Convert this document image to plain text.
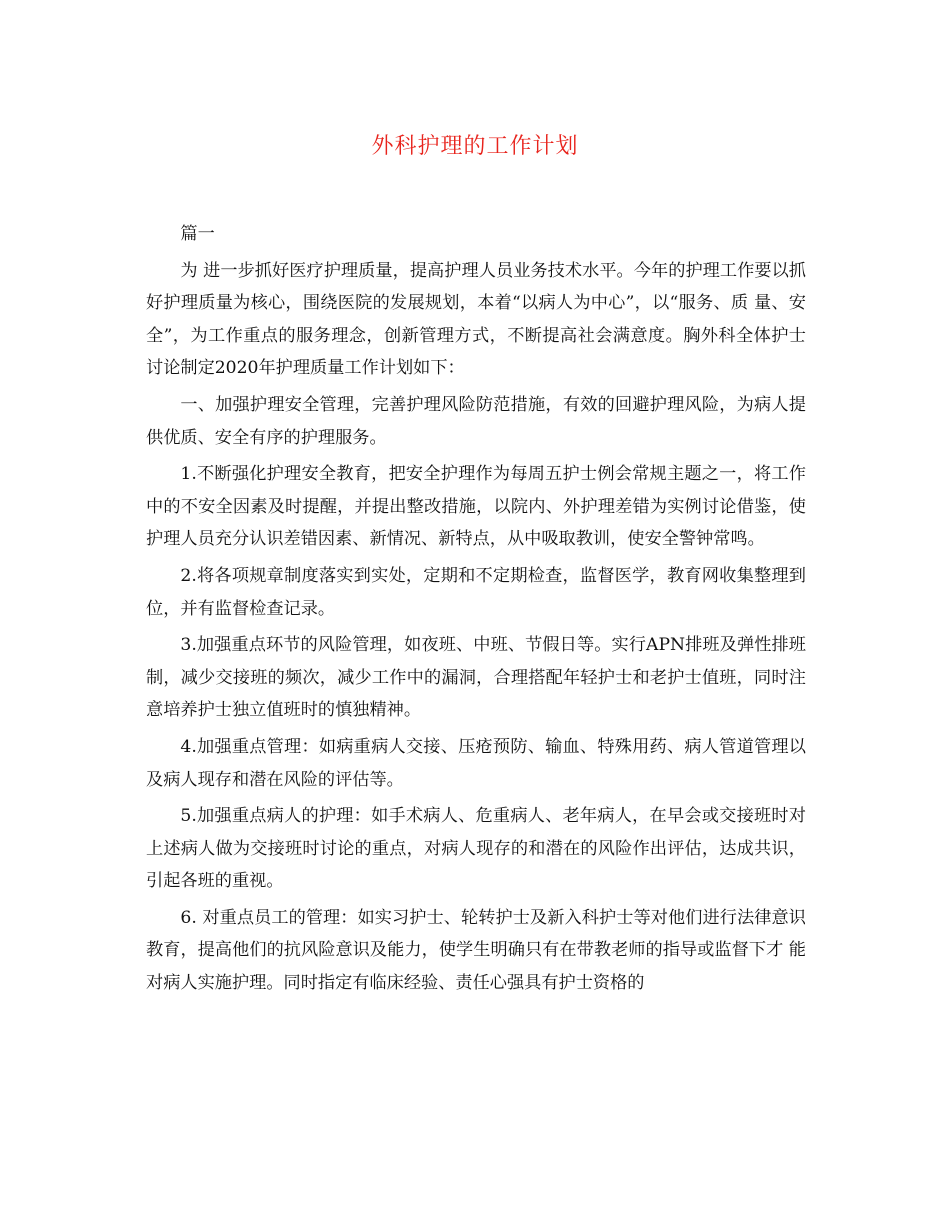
外科护理的工作计划

篇一

为 进一步抓好医疗护理质量，提高护理人员业务技术水平。今年的护理工作要以抓好护理质量为核心，围绕医院的发展规划，本着“以病人为中心”，以“服务、质 量、安全”，为工作重点的服务理念，创新管理方式，不断提高社会满意度。胸外科全体护士讨论制定2020年护理质量工作计划如下：

一、加强护理安全管理，完善护理风险防范措施，有效的回避护理风险，为病人提供优质、安全有序的护理服务。

1.不断强化护理安全教育，把安全护理作为每周五护士例会常规主题之一，将工作中的不安全因素及时提醒，并提出整改措施，以院内、外护理差错为实例讨论借鉴，使护理人员充分认识差错因素、新情况、新特点，从中吸取教训，使安全警钟常鸣。

2.将各项规章制度落实到实处，定期和不定期检查，监督医学，教育网收集整理到位，并有监督检查记录。

3.加强重点环节的风险管理，如夜班、中班、节假日等。实行APN排班及弹性排班制，减少交接班的频次，减少工作中的漏洞，合理搭配年轻护士和老护士值班，同时注意培养护士独立值班时的慎独精神。

4.加强重点管理：如病重病人交接、压疮预防、输血、特殊用药、病人管道管理以及病人现存和潜在风险的评估等。

5.加强重点病人的护理：如手术病人、危重病人、老年病人，在早会或交接班时对上述病人做为交接班时讨论的重点，对病人现存的和潜在的风险作出评估，达成共识，引起各班的重视。

6. 对重点员工的管理：如实习护士、轮转护士及新入科护士等对他们进行法律意识教育，提高他们的抗风险意识及能力，使学生明确只有在带教老师的指导或监督下才 能对病人实施护理。同时指定有临床经验、责任心强具有护士资格的
